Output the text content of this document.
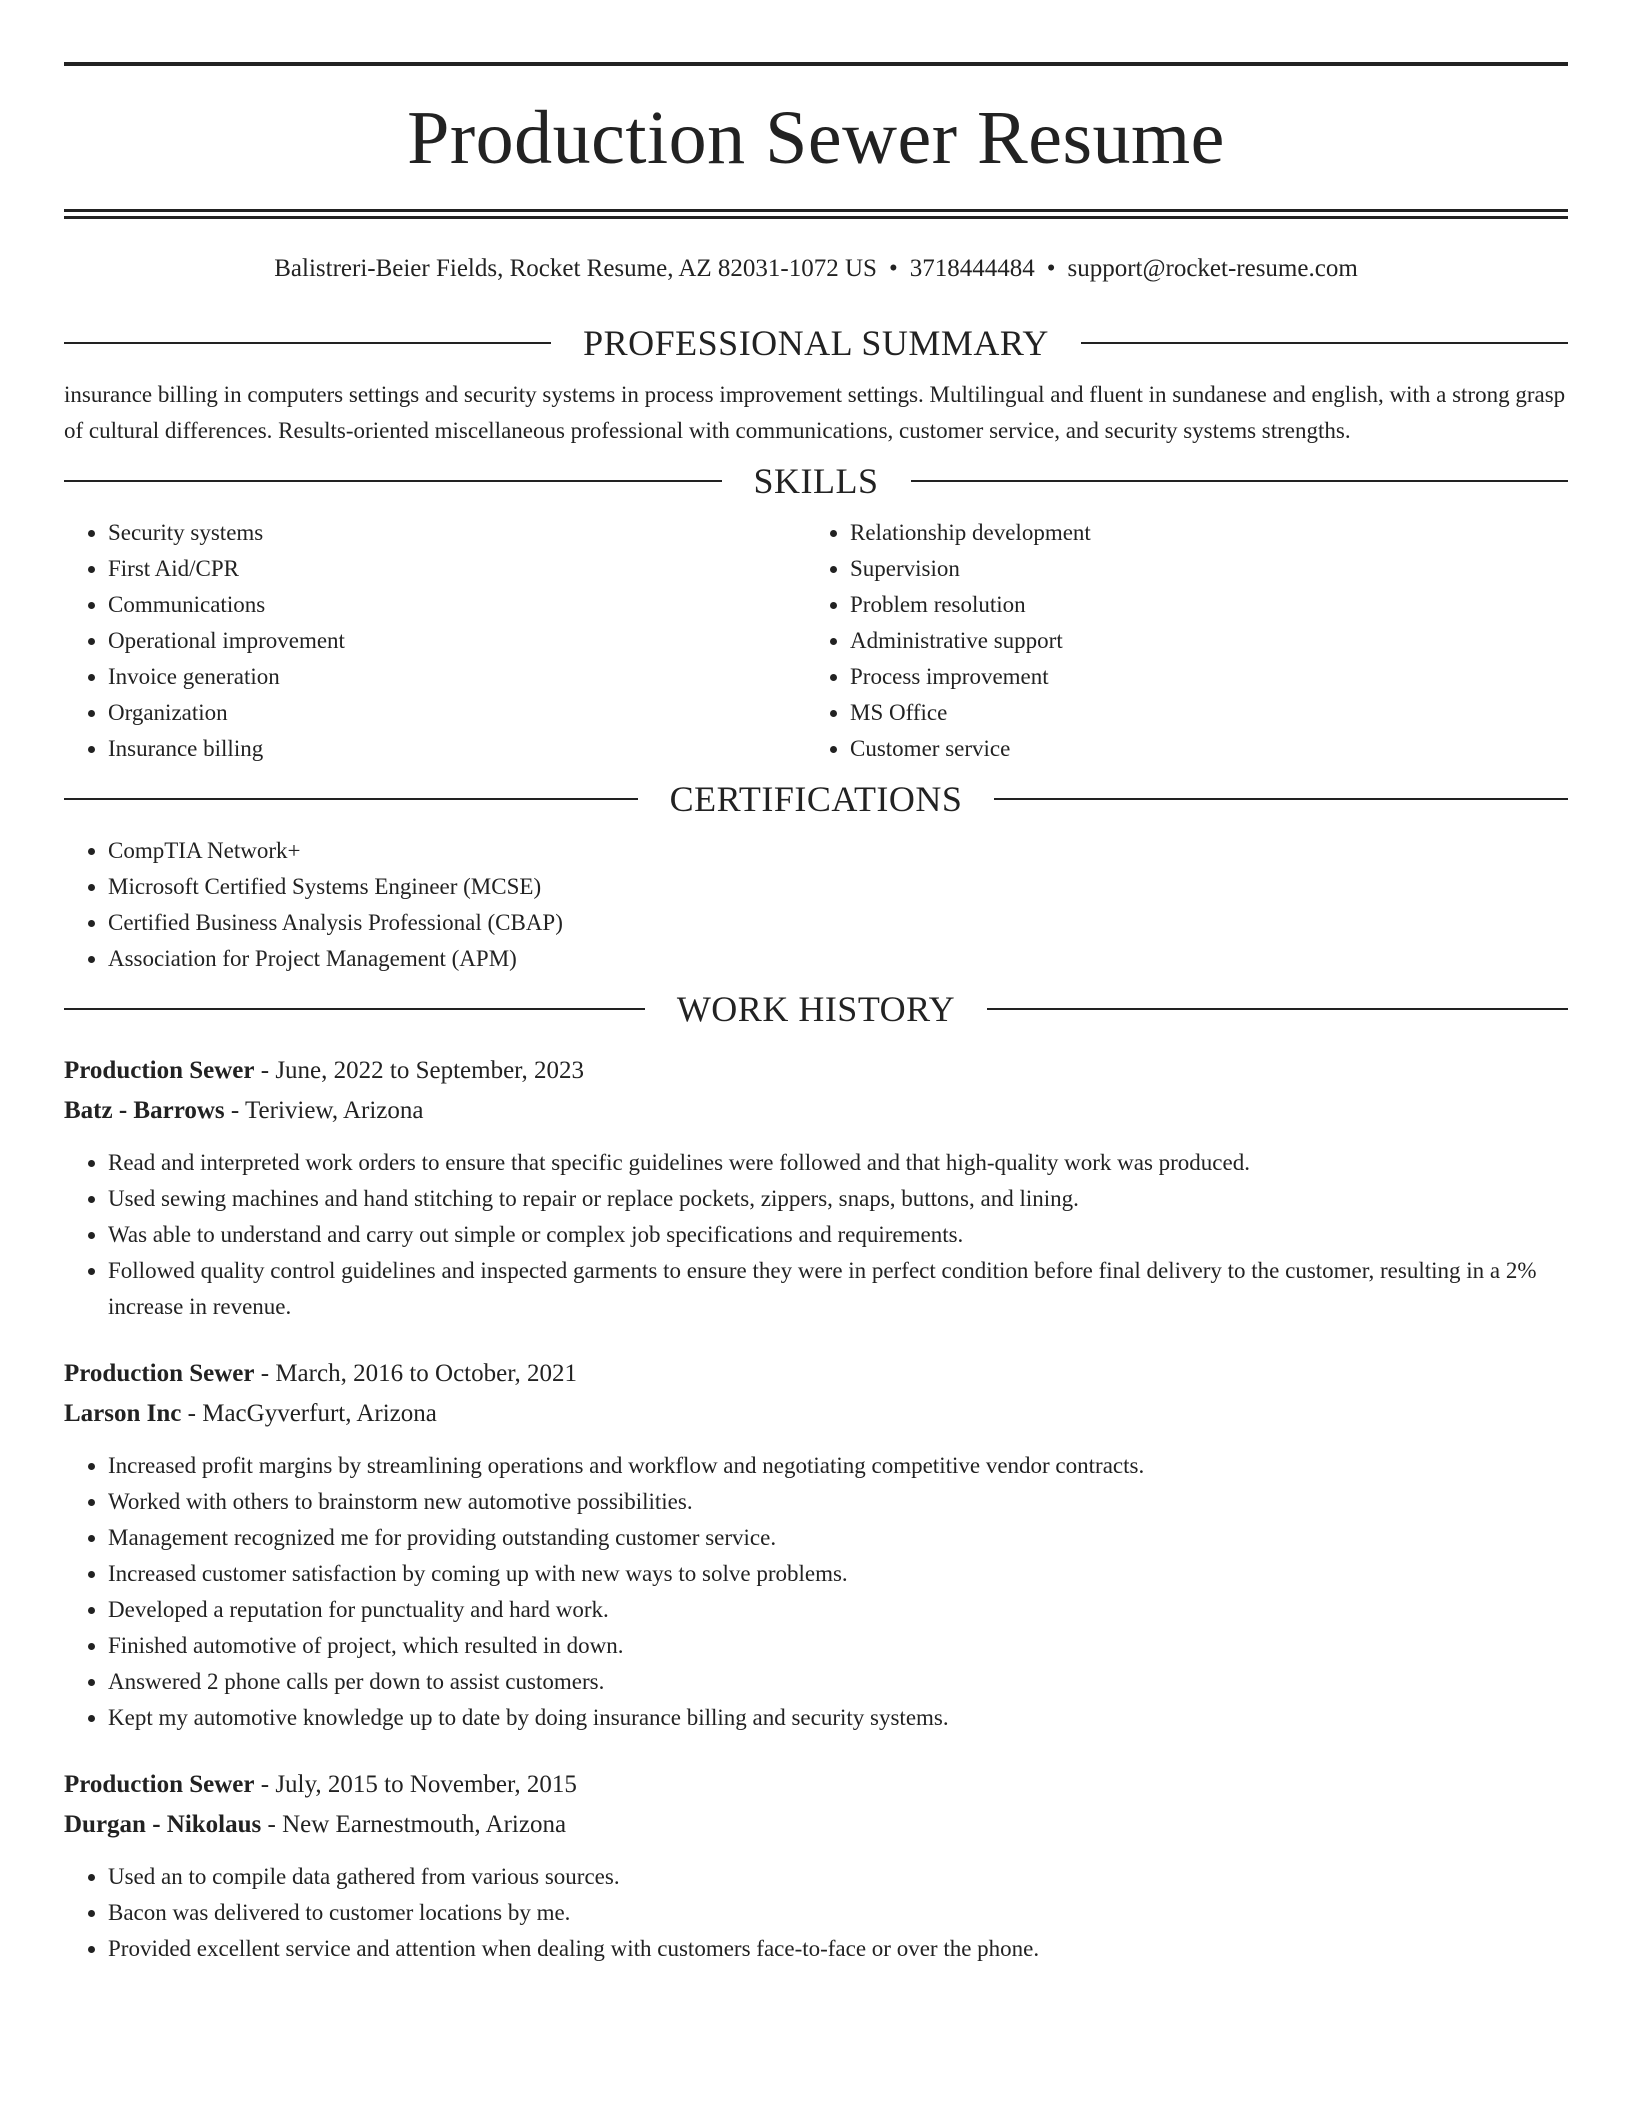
Production Sewer Resume
Balistreri-Beier Fields, Rocket Resume, AZ 82031-1072 US • 3718444484 • support@rocket-resume.com
PROFESSIONAL SUMMARY

insurance billing in computers settings and security systems in process improvement settings. Multilingual and fluent in sundanese and english, with a strong grasp of cultural differences. Results-oriented miscellaneous professional with communications, customer service, and security systems strengths.

SKILLS
• Security systems
• First Aid/CPR
• Communications
• Operational improvement
• Invoice generation
• Organization
• Insurance billing
• Relationship development
• Supervision
• Problem resolution
• Administrative support
• Process improvement
• MS Office
• Customer service
CERTIFICATIONS
• CompTIA Network+
• Microsoft Certified Systems Engineer (MCSE)
• Certified Business Analysis Professional (CBAP)
• Association for Project Management (APM)
WORK HISTORY
Production Sewer - June, 2022 to September, 2023
Batz - Barrows - Teriview, Arizona
• Read and interpreted work orders to ensure that specific guidelines were followed and that high-quality work was produced.
• Used sewing machines and hand stitching to repair or replace pockets, zippers, snaps, buttons, and lining.
• Was able to understand and carry out simple or complex job specifications and requirements.
• Followed quality control guidelines and inspected garments to ensure they were in perfect condition before final delivery to the customer, resulting in a 2% increase in revenue.
Production Sewer - March, 2016 to October, 2021
Larson Inc - MacGyverfurt, Arizona
• Increased profit margins by streamlining operations and workflow and negotiating competitive vendor contracts.
• Worked with others to brainstorm new automotive possibilities.
• Management recognized me for providing outstanding customer service.
• Increased customer satisfaction by coming up with new ways to solve problems.
• Developed a reputation for punctuality and hard work.
• Finished automotive of project, which resulted in down.
• Answered 2 phone calls per down to assist customers.
• Kept my automotive knowledge up to date by doing insurance billing and security systems.
Production Sewer - July, 2015 to November, 2015
Durgan - Nikolaus - New Earnestmouth, Arizona
• Used an to compile data gathered from various sources.
• Bacon was delivered to customer locations by me.
• Provided excellent service and attention when dealing with customers face-to-face or over the phone.
